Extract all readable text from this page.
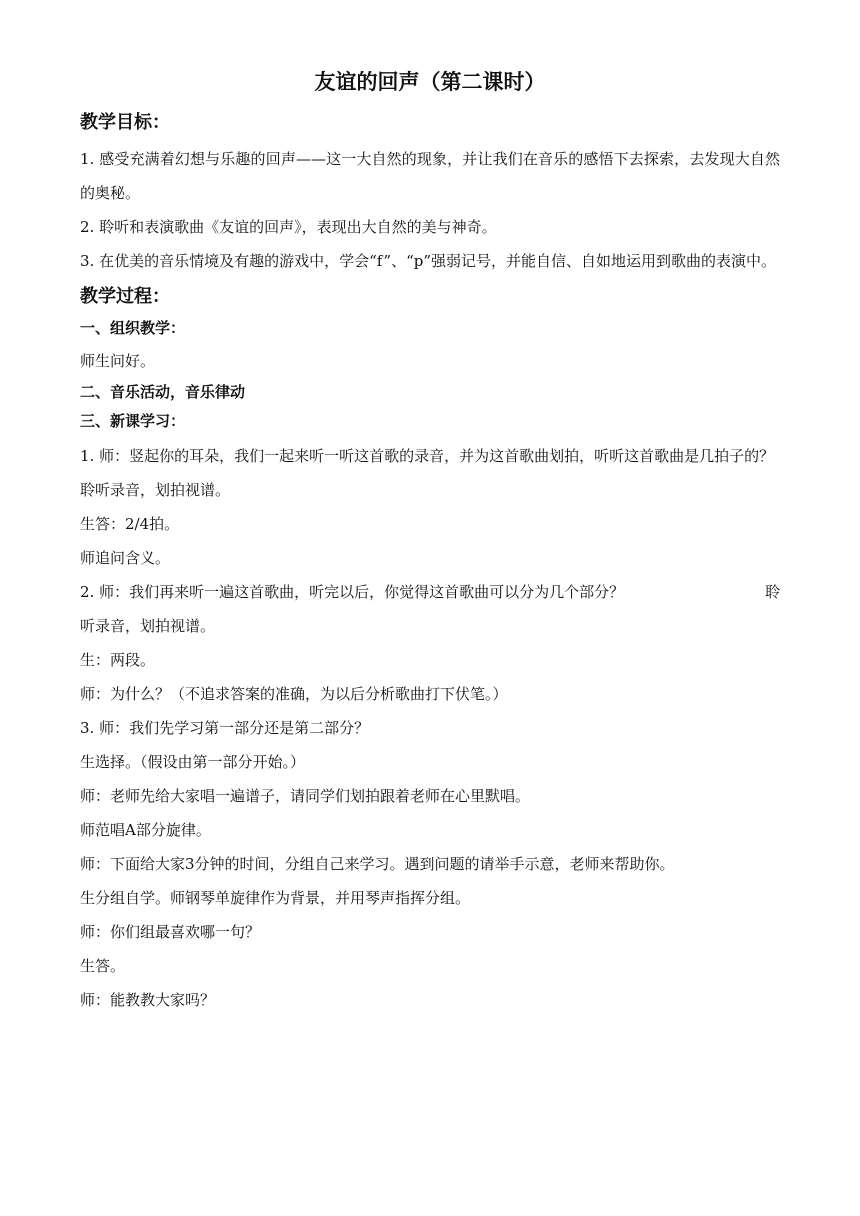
友谊的回声（第二课时）
教学目标：

1. 感受充满着幻想与乐趣的回声——这一大自然的现象，并让我们在音乐的感悟下去探索，去发现大自然的奥秘。

2. 聆听和表演歌曲《友谊的回声》，表现出大自然的美与神奇。

3. 在优美的音乐情境及有趣的游戏中，学会“f”、“p”强弱记号，并能自信、自如地运用到歌曲的表演中。

教学过程：
一、组织教学：

师生问好。

二、音乐活动，音乐律动
三、新课学习：

1. 师：竖起你的耳朵，我们一起来听一听这首歌的录音，并为这首歌曲划拍，听听这首歌曲是几拍子的？

聆听录音，划拍视谱。

生答：2/4拍。

师追问含义。

2. 师：我们再来听一遍这首歌曲，听完以后，你觉得这首歌曲可以分为几个部分？	聆

听录音，划拍视谱。

生：两段。

师：为什么？（不追求答案的准确，为以后分析歌曲打下伏笔。）

3. 师：我们先学习第一部分还是第二部分？

生选择。（假设由第一部分开始。）

师：老师先给大家唱一遍谱子，请同学们划拍跟着老师在心里默唱。

师范唱A部分旋律。

师：下面给大家3分钟的时间，分组自己来学习。遇到问题的请举手示意，老师来帮助你。

生分组自学。师钢琴单旋律作为背景，并用琴声指挥分组。

师：你们组最喜欢哪一句？

生答。

师：能教教大家吗？
